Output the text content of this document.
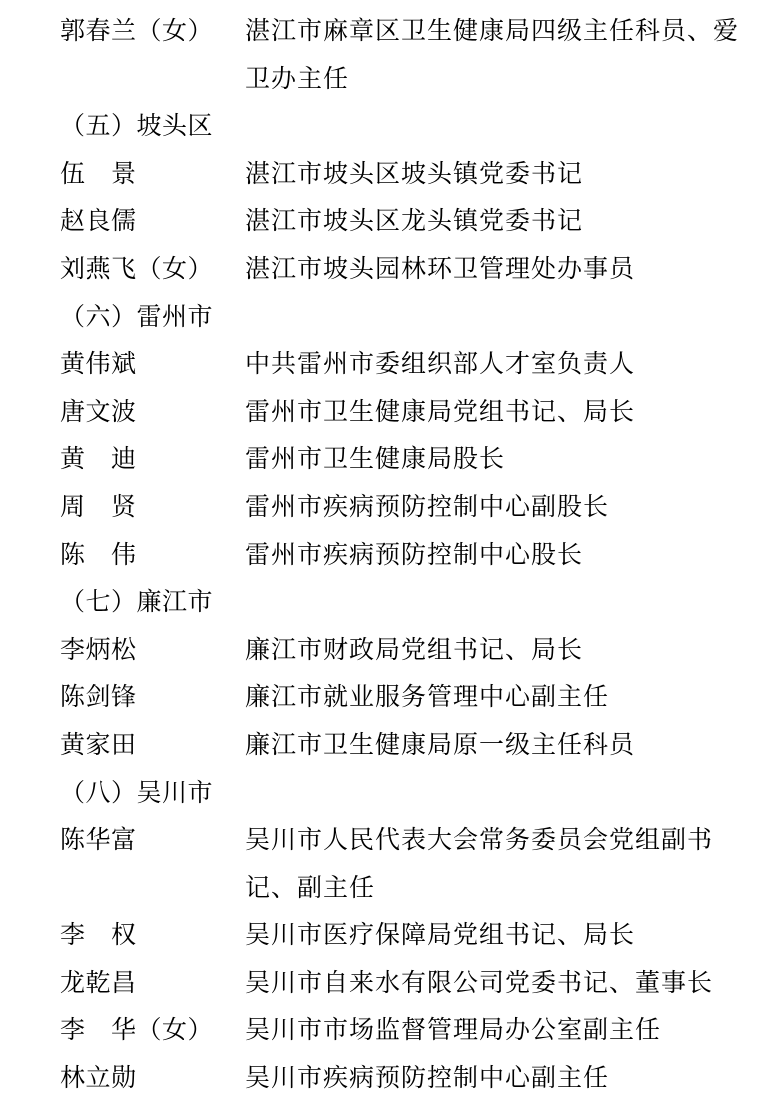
郭春兰（女）	湛江市麻章区卫生健康局四级主任科员、爱卫办主任
（五）坡头区
伍　景	湛江市坡头区坡头镇党委书记
赵良儒	湛江市坡头区龙头镇党委书记
刘燕飞（女）	湛江市坡头园林环卫管理处办事员
（六）雷州市
黄伟斌	中共雷州市委组织部人才室负责人
唐文波	雷州市卫生健康局党组书记、局长
黄　迪	雷州市卫生健康局股长
周　贤	雷州市疾病预防控制中心副股长
陈　伟	雷州市疾病预防控制中心股长
（七）廉江市
李炳松	廉江市财政局党组书记、局长
陈剑锋	廉江市就业服务管理中心副主任
黄家田	廉江市卫生健康局原一级主任科员
（八）吴川市
陈华富	吴川市人民代表大会常务委员会党组副书记、副主任
李　权	吴川市医疗保障局党组书记、局长
龙乾昌	吴川市自来水有限公司党委书记、董事长
李　华（女）	吴川市市场监督管理局办公室副主任
林立勋	吴川市疾病预防控制中心副主任
